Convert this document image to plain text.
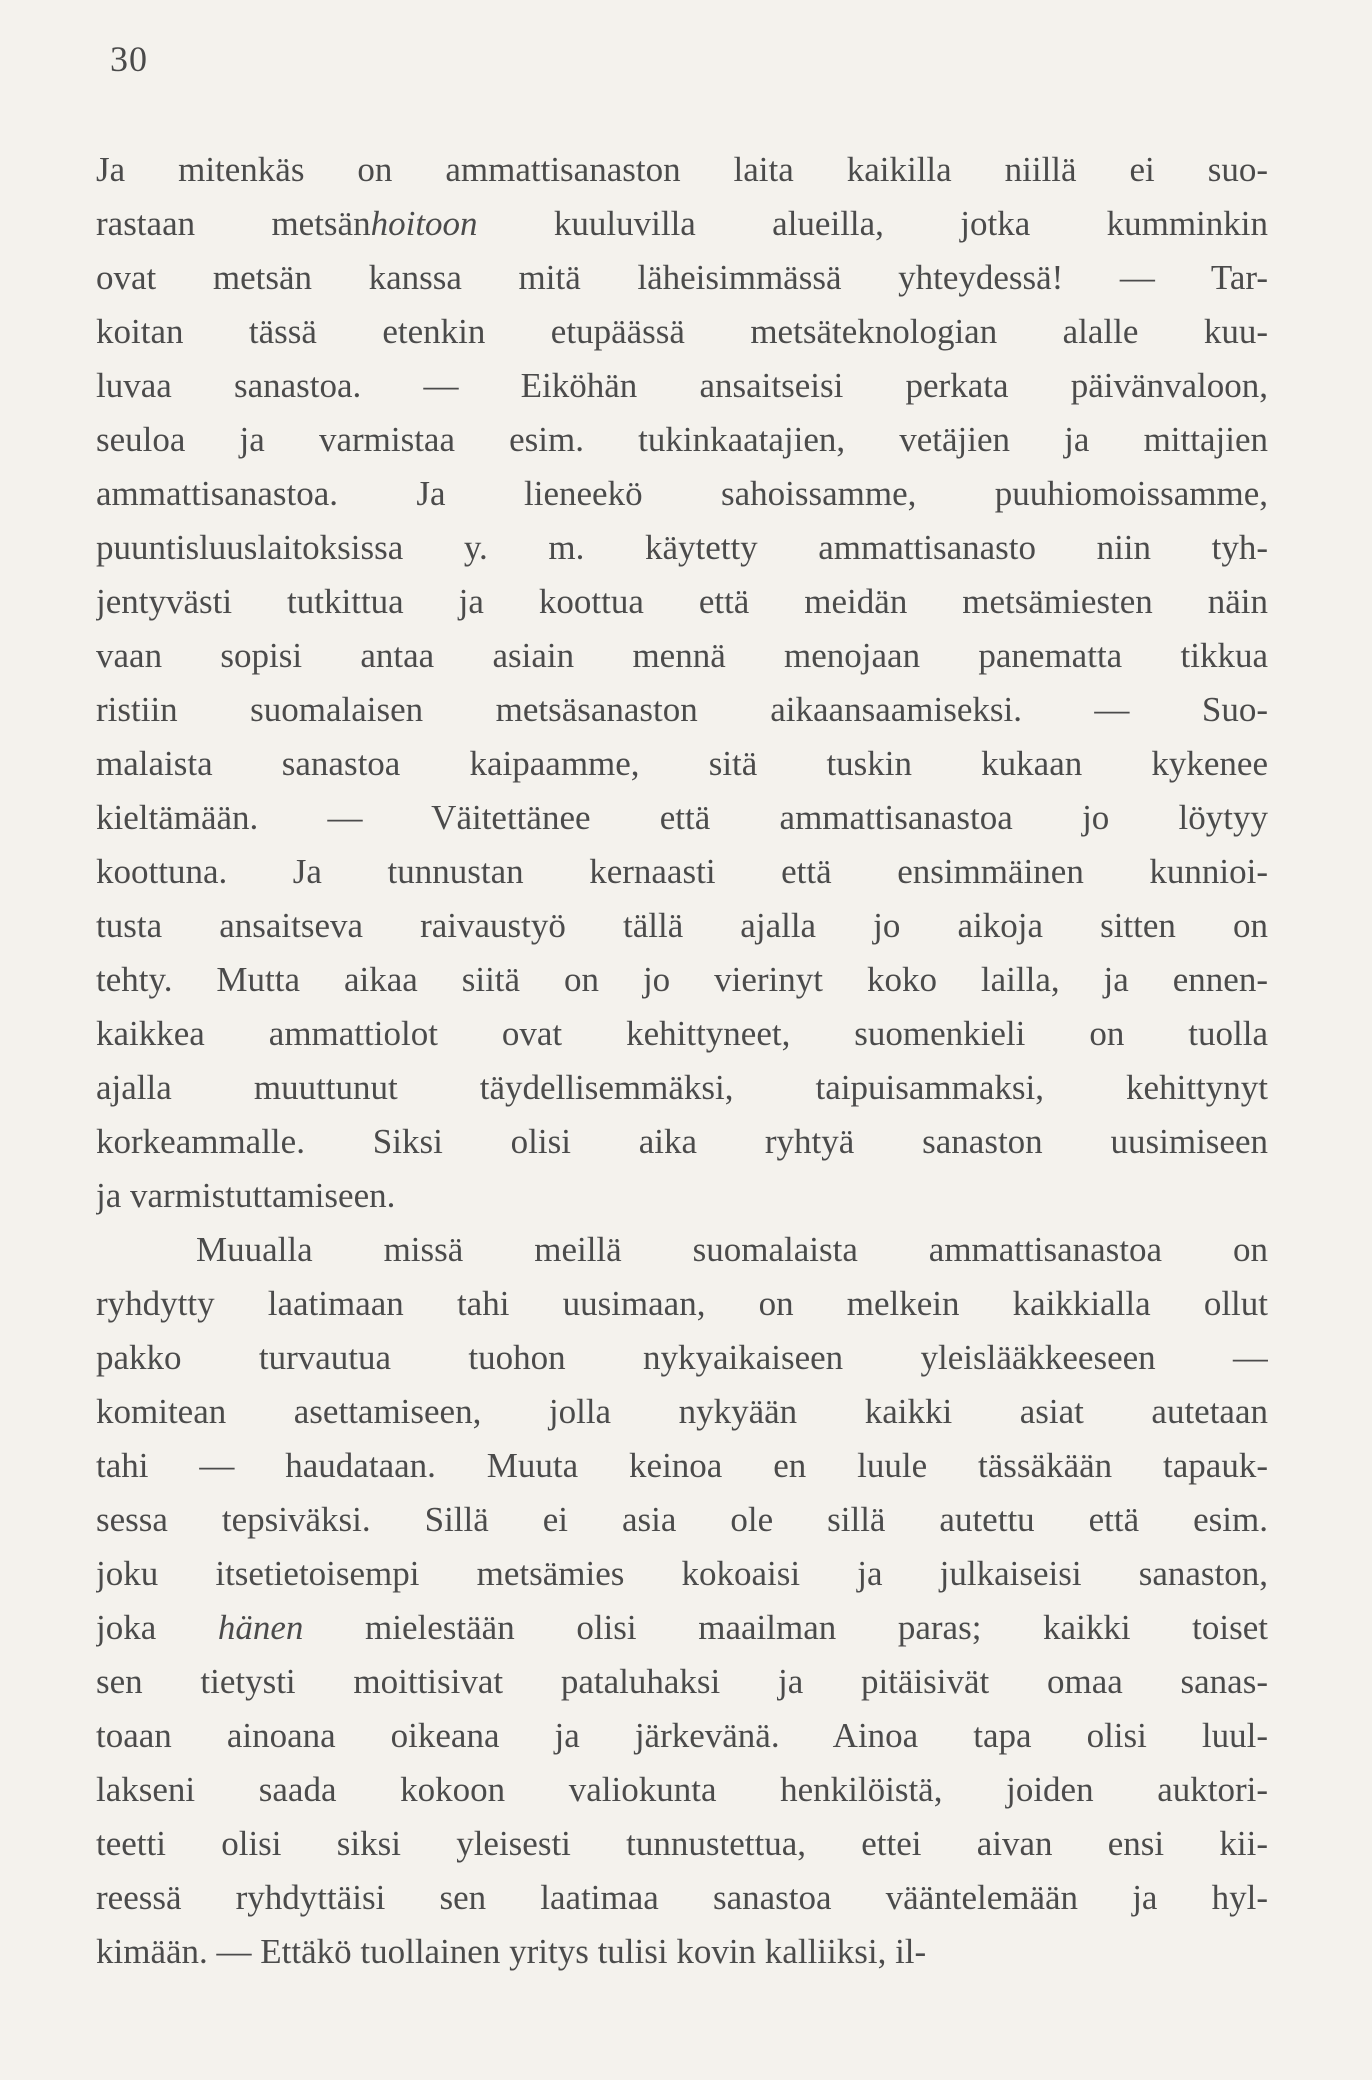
30
Ja mitenkäs on ammattisanaston laita kaikilla niillä ei suo-
rastaan metsänhoitoon kuuluvilla alueilla, jotka kumminkin
ovat metsän kanssa mitä läheisimmässä yhteydessä! — Tar-
koitan tässä etenkin etupäässä metsäteknologian alalle kuu-
luvaa sanastoa. — Eiköhän ansaitseisi perkata päivänvaloon,
seuloa ja varmistaa esim. tukinkaatajien, vetäjien ja mittajien
ammattisanastoa. Ja lieneekö sahoissamme, puuhiomoissamme,
puuntisluuslaitoksissa y. m. käytetty ammattisanasto niin tyh-
jentyvästi tutkittua ja koottua että meidän metsämiesten näin
vaan sopisi antaa asiain mennä menojaan panematta tikkua
ristiin suomalaisen metsäsanaston aikaansaamiseksi. — Suo-
malaista sanastoa kaipaamme, sitä tuskin kukaan kykenee
kieltämään. — Väitettänee että ammattisanastoa jo löytyy
koottuna. Ja tunnustan kernaasti että ensimmäinen kunnioi-
tusta ansaitseva raivaustyö tällä ajalla jo aikoja sitten on
tehty. Mutta aikaa siitä on jo vierinyt koko lailla, ja ennen-
kaikkea ammattiolot ovat kehittyneet, suomenkieli on tuolla
ajalla muuttunut täydellisemmäksi, taipuisammaksi, kehittynyt
korkeammalle. Siksi olisi aika ryhtyä sanaston uusimiseen
ja varmistuttamiseen.
Muualla missä meillä suomalaista ammattisanastoa on
ryhdytty laatimaan tahi uusimaan, on melkein kaikkialla ollut
pakko turvautua tuohon nykyaikaiseen yleislääkkeeseen —
komitean asettamiseen, jolla nykyään kaikki asiat autetaan
tahi — haudataan. Muuta keinoa en luule tässäkään tapauk-
sessa tepsiväksi. Sillä ei asia ole sillä autettu että esim.
joku itsetietoisempi metsämies kokoaisi ja julkaiseisi sanaston,
joka hänen mielestään olisi maailman paras; kaikki toiset
sen tietysti moittisivat pataluhaksi ja pitäisivät omaa sanas-
toaan ainoana oikeana ja järkevänä. Ainoa tapa olisi luul-
lakseni saada kokoon valiokunta henkilöistä, joiden auktori-
teetti olisi siksi yleisesti tunnustettua, ettei aivan ensi kii-
reessä ryhdyttäisi sen laatimaa sanastoa vääntelemään ja hyl-
kimään. — Ettäkö tuollainen yritys tulisi kovin kalliiksi, il-
